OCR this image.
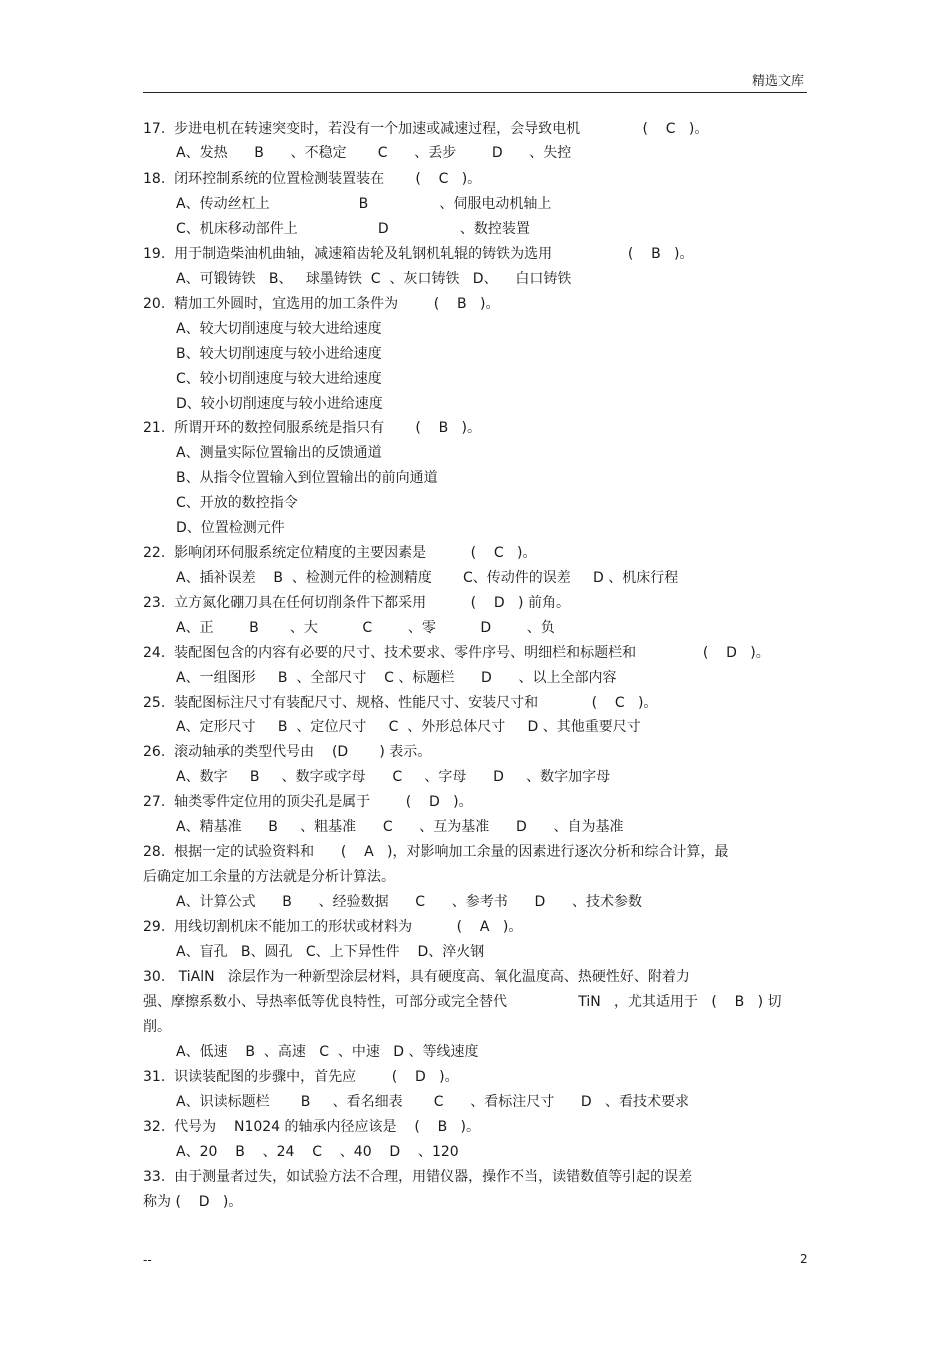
精选文库
17.  步进电机在转速突变时，若没有一个加速或减速过程，会导致电机              (    C   )。
A、发热      B      、不稳定       C      、丢步        D      、失控
18.  闭环控制系统的位置检测装置装在       (    C   )。
A、传动丝杠上                    B                、伺服电动机轴上
C、机床移动部件上                  D                、数控装置
19.  用于制造柴油机曲轴，减速箱齿轮及轧钢机轧辊的铸铁为选用                 (    B   )。
A、可锻铸铁   B、   球墨铸铁  C  、灰口铸铁   D、    白口铸铁
20.  精加工外圆时，宜选用的加工条件为        (    B   )。
A、较大切削速度与较大进给速度
B、较大切削速度与较小进给速度
C、较小切削速度与较大进给速度
D、较小切削速度与较小进给速度
21.  所谓开环的数控伺服系统是指只有       (    B   )。
A、测量实际位置输出的反馈通道
B、从指令位置输入到位置输出的前向通道
C、开放的数控指令
D、位置检测元件
22.  影响闭环伺服系统定位精度的主要因素是          (    C   )。
A、插补误差    B  、检测元件的检测精度       C、传动件的误差     D 、机床行程
23.  立方氮化硼刀具在任何切削条件下都采用          (    D   ) 前角。
A、正        B       、大          C        、零          D        、负
24.  装配图包含的内容有必要的尺寸、技术要求、零件序号、明细栏和标题栏和               (    D   )。
A、一组图形     B  、全部尺寸    C 、标题栏      D      、以上全部内容
25.  装配图标注尺寸有装配尺寸、规格、性能尺寸、安装尺寸和            (    C   )。
A、定形尺寸     B  、定位尺寸     C  、外形总体尺寸     D 、其他重要尺寸
26.  滚动轴承的类型代号由    (D       ) 表示。
A、数字     B     、数字或字母      C     、字母      D     、数字加字母
27.  轴类零件定位用的顶尖孔是属于        (    D   )。
A、精基准      B     、粗基准      C      、互为基准      D      、自为基准
28.  根据一定的试验资料和      (    A   )，对影响加工余量的因素进行逐次分析和综合计算，最
后确定加工余量的方法就是分析计算法。
A、计算公式      B      、经验数据      C      、参考书      D      、技术参数
29.  用线切割机床不能加工的形状或材料为          (    A   )。
A、盲孔   B、圆孔   C、上下异性件    D、淬火钢
30.   TiAlN   涂层作为一种新型涂层材料，具有硬度高、氧化温度高、热硬性好、附着力
强、摩擦系数小、导热率低等优良特性，可部分或完全替代                TiN   ，尤其适用于   (    B   ) 切
削。
A、低速    B  、高速   C  、中速   D 、等线速度
31.  识读装配图的步骤中，首先应        (    D   )。
A、识读标题栏       B     、看名细表       C      、看标注尺寸      D   、看技术要求
32.  代号为    N1024 的轴承内径应该是    (    B   )。
A、20    B    、24    C    、40    D    、120
33.  由于测量者过失，如试验方法不合理，用错仪器，操作不当，读错数值等引起的误差
称为 (    D   )。
--	2
